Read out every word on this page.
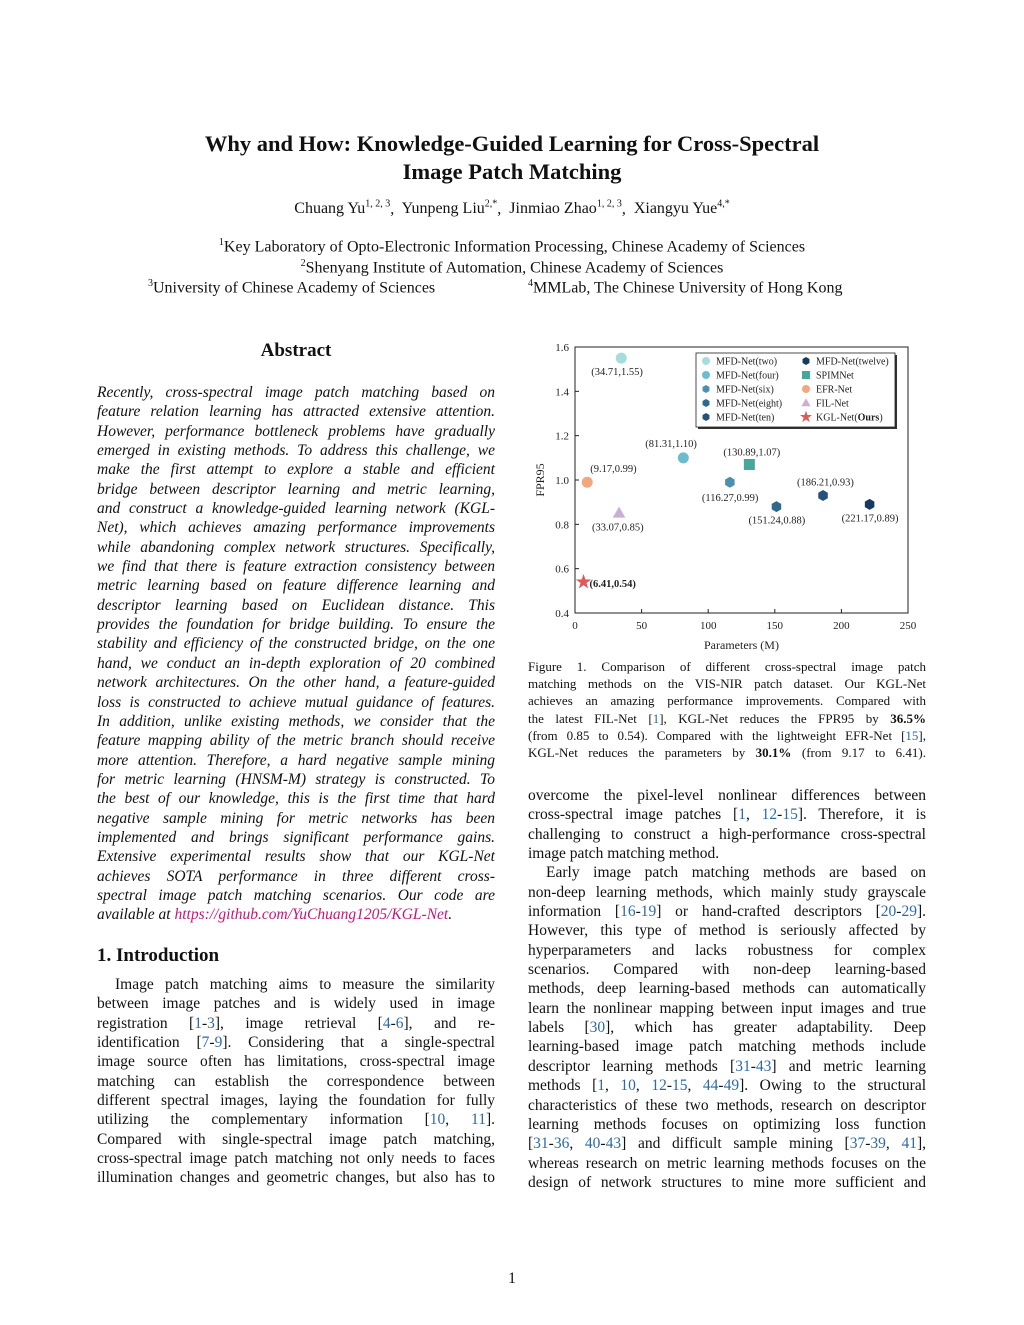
Why and How: Knowledge-Guided Learning for Cross-Spectral
Image Patch Matching
Chuang Yu$^{1, 2, 3}$,  Yunpeng Liu$^{2,*}$,  Jinmiao Zhao$^{1, 2, 3}$,  Xiangyu Yue$^{4,*}$
$^1$Key Laboratory of Opto-Electronic Information Processing, Chinese Academy of Sciences
$^2$Shenyang Institute of Automation, Chinese Academy of Sciences
$^3$University of Chinese Academy of Sciences	$^4$MMLab, The Chinese University of Hong Kong
Abstract
Recently, cross-spectral image patch matching based on
feature relation learning has attracted extensive attention.
However, performance bottleneck problems have gradually
emerged in existing methods. To address this challenge, we
make the first attempt to explore a stable and efficient
bridge between descriptor learning and metric learning,
and construct a knowledge-guided learning network (KGL-
Net), which achieves amazing performance improvements
while abandoning complex network structures. Specifically,
we find that there is feature extraction consistency between
metric learning based on feature difference learning and
descriptor learning based on Euclidean distance. This
provides the foundation for bridge building. To ensure the
stability and efficiency of the constructed bridge, on the one
hand, we conduct an in-depth exploration of 20 combined
network architectures. On the other hand, a feature-guided
loss is constructed to achieve mutual guidance of features.
In addition, unlike existing methods, we consider that the
feature mapping ability of the metric branch should receive
more attention. Therefore, a hard negative sample mining
for metric learning (HNSM-M) strategy is constructed. To
the best of our knowledge, this is the first time that hard
negative sample mining for metric networks has been
implemented and brings significant performance gains.
Extensive experimental results show that our KGL-Net
achieves SOTA performance in three different cross-
spectral image patch matching scenarios. Our code are
available at https://github.com/YuChuang1205/KGL-Net.
1. Introduction
Image patch matching aims to measure the similarity
between image patches and is widely used in image
registration [1-3], image retrieval [4-6], and re-
identification [7-9]. Considering that a single-spectral
image source often has limitations, cross-spectral image
matching can establish the correspondence between
different spectral images, laying the foundation for fully
utilizing the complementary information [10, 11].
Compared with single-spectral image patch matching,
cross-spectral image patch matching not only needs to faces
illumination changes and geometric changes, but also has to
0	50	100	150	200	250
0.4
0.6
0.8
1.0
1.2
1.4
1.6
Parameters (M)
FPR95
(34.71,1.55)
(81.31,1.10)
(116.27,0.99)
(151.24,0.88)
(186.21,0.93)
(221.17,0.89)
(130.89,1.07)
(9.17,0.99)
(33.07,0.85)
(6.41,0.54)
MFD-Net(two)
MFD-Net(four)
MFD-Net(six)
MFD-Net(eight)
MFD-Net(ten)
MFD-Net(twelve)
SPIMNet
EFR-Net
FIL-Net
KGL-Net(Ours)
Figure 1. Comparison of different cross-spectral image patch
matching methods on the VIS-NIR patch dataset. Our KGL-Net
achieves an amazing performance improvements. Compared with
the latest FIL-Net [1], KGL-Net reduces the FPR95 by 36.5%
(from 0.85 to 0.54). Compared with the lightweight EFR-Net [15],
KGL-Net reduces the parameters by 30.1% (from 9.17 to 6.41).
overcome the pixel-level nonlinear differences between
cross-spectral image patches [1, 12-15]. Therefore, it is
challenging to construct a high-performance cross-spectral
image patch matching method.
Early image patch matching methods are based on
non-deep learning methods, which mainly study grayscale
information [16-19] or hand-crafted descriptors [20-29].
However, this type of method is seriously affected by
hyperparameters and lacks robustness for complex
scenarios. Compared with non-deep learning-based
methods, deep learning-based methods can automatically
learn the nonlinear mapping between input images and true
labels [30], which has greater adaptability. Deep
learning-based image patch matching methods include
descriptor learning methods [31-43] and metric learning
methods [1, 10, 12-15, 44-49]. Owing to the structural
characteristics of these two methods, research on descriptor
learning methods focuses on optimizing loss function
[31-36, 40-43] and difficult sample mining [37-39, 41],
whereas research on metric learning methods focuses on the
design of network structures to mine more sufficient and
1
